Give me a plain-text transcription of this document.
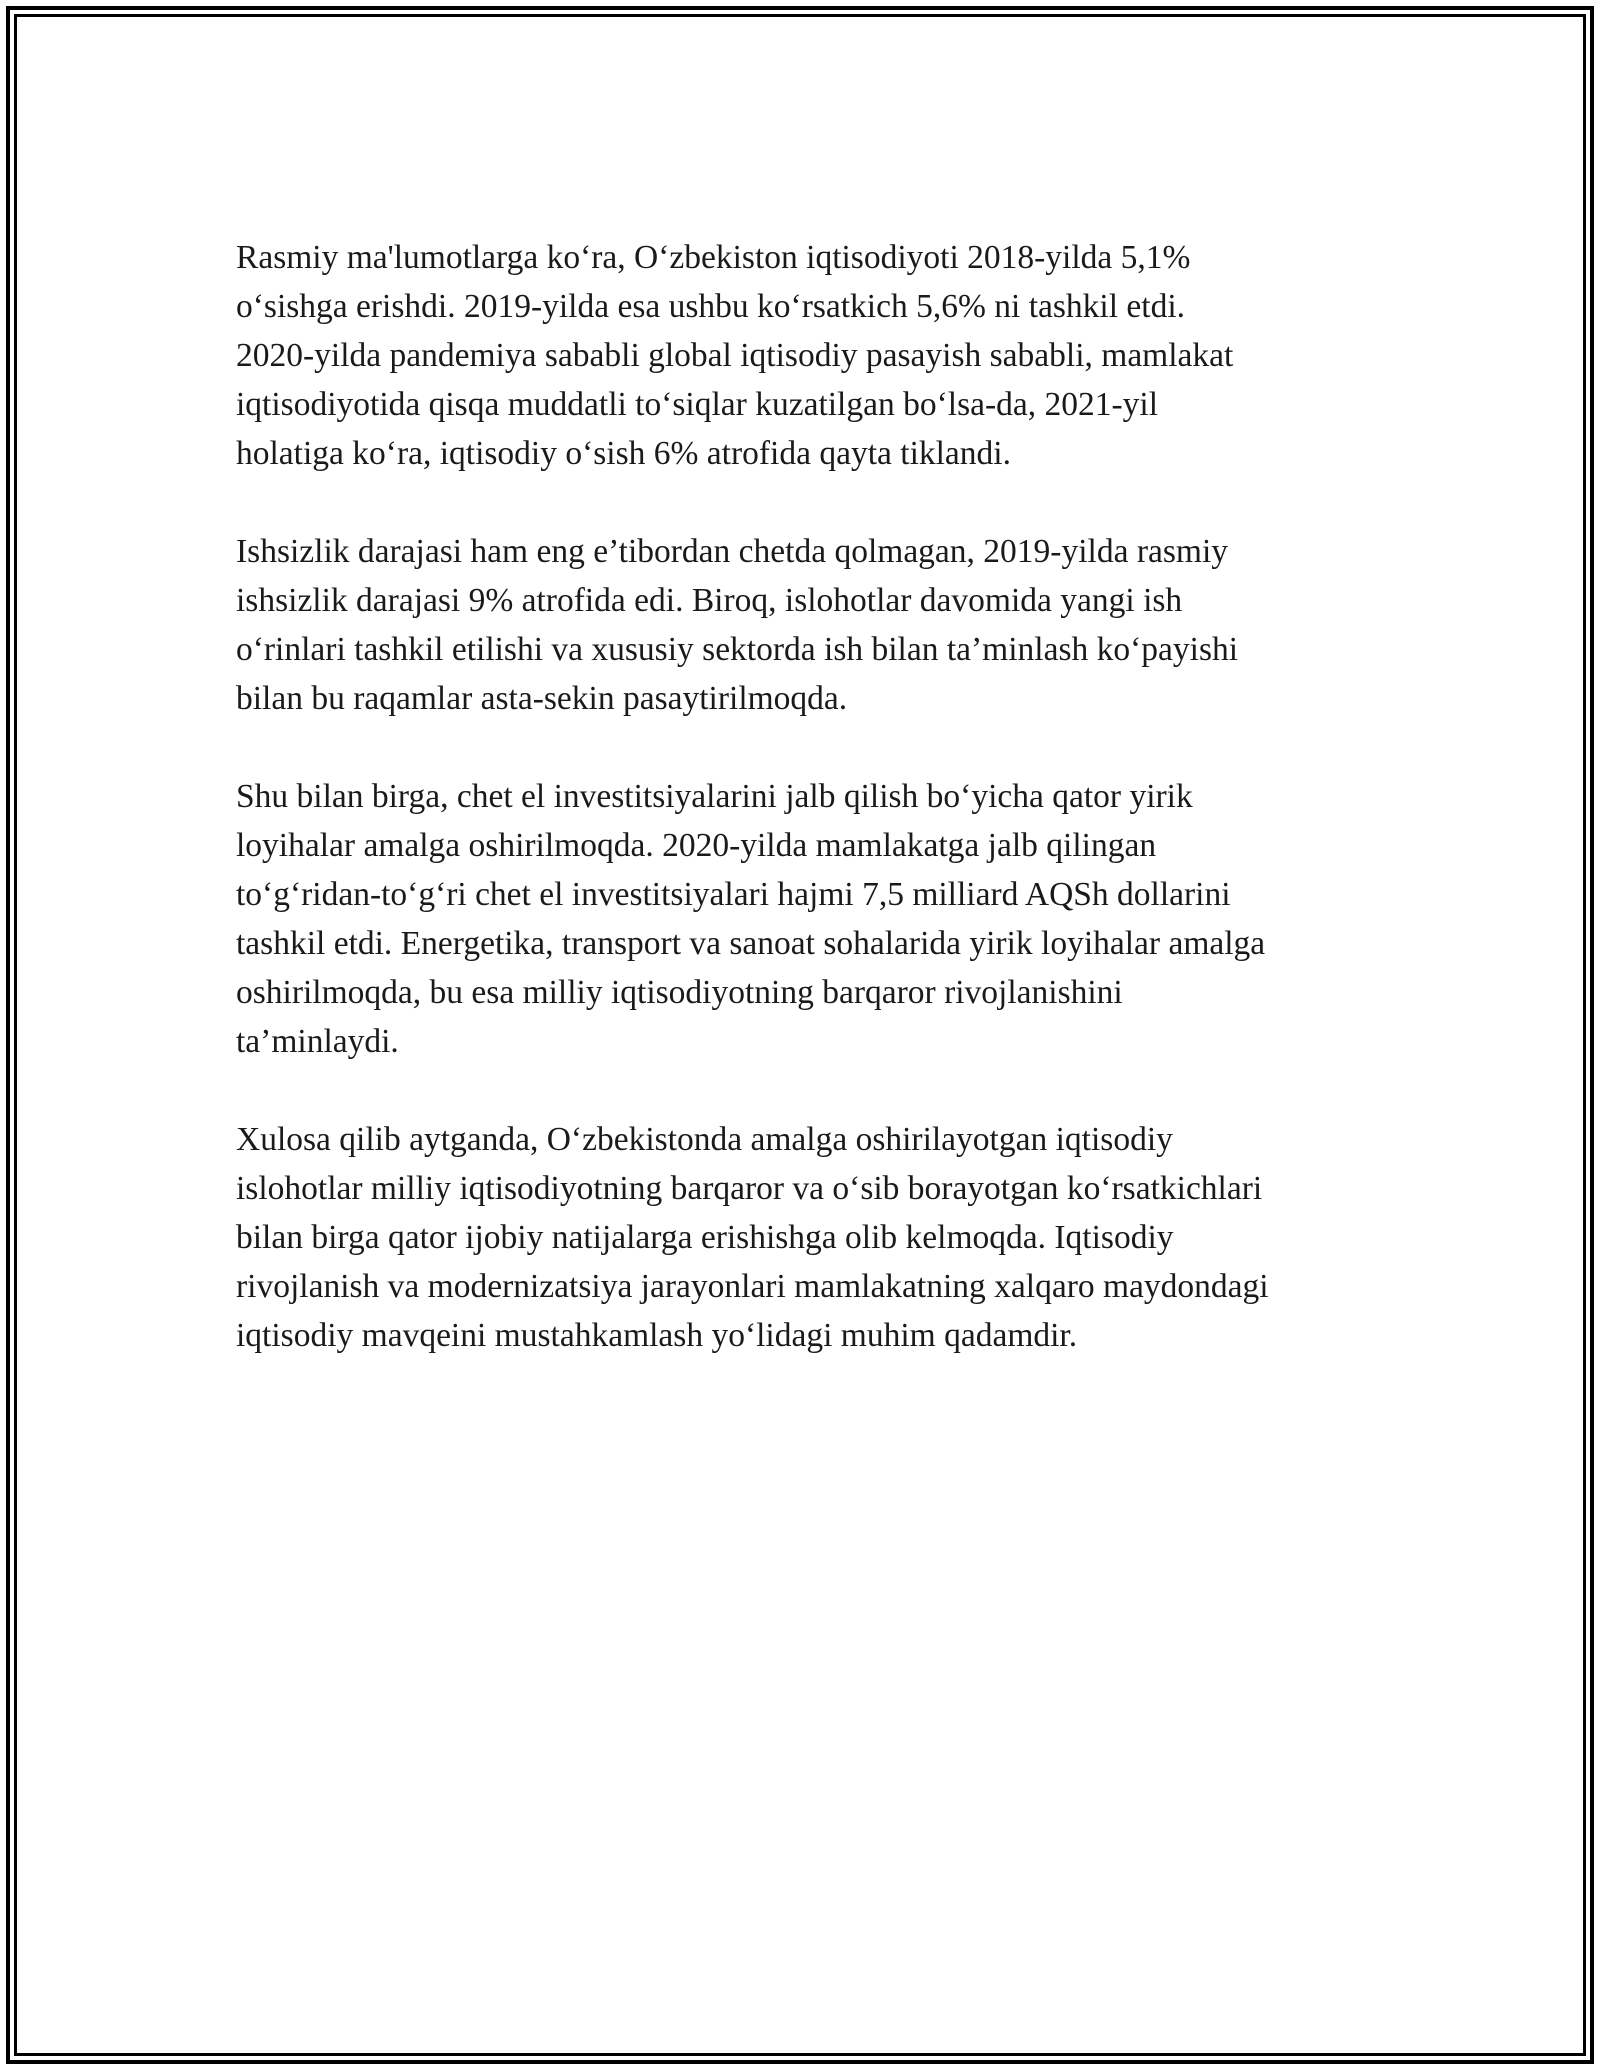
Rasmiy ma'lumotlarga ko‘ra, O‘zbekiston iqtisodiyoti 2018-yilda 5,1%
o‘sishga erishdi. 2019-yilda esa ushbu ko‘rsatkich 5,6% ni tashkil etdi.
2020-yilda pandemiya sababli global iqtisodiy pasayish sababli, mamlakat
iqtisodiyotida qisqa muddatli to‘siqlar kuzatilgan bo‘lsa-da, 2021-yil
holatiga ko‘ra, iqtisodiy o‘sish 6% atrofida qayta tiklandi.

Ishsizlik darajasi ham eng e’tibordan chetda qolmagan, 2019-yilda rasmiy
ishsizlik darajasi 9% atrofida edi. Biroq, islohotlar davomida yangi ish
o‘rinlari tashkil etilishi va xususiy sektorda ish bilan ta’minlash ko‘payishi
bilan bu raqamlar asta-sekin pasaytirilmoqda.

Shu bilan birga, chet el investitsiyalarini jalb qilish bo‘yicha qator yirik
loyihalar amalga oshirilmoqda. 2020-yilda mamlakatga jalb qilingan
to‘g‘ridan-to‘g‘ri chet el investitsiyalari hajmi 7,5 milliard AQSh dollarini
tashkil etdi. Energetika, transport va sanoat sohalarida yirik loyihalar amalga
oshirilmoqda, bu esa milliy iqtisodiyotning barqaror rivojlanishini
ta’minlaydi.

Xulosa qilib aytganda, O‘zbekistonda amalga oshirilayotgan iqtisodiy
islohotlar milliy iqtisodiyotning barqaror va o‘sib borayotgan ko‘rsatkichlari
bilan birga qator ijobiy natijalarga erishishga olib kelmoqda. Iqtisodiy
rivojlanish va modernizatsiya jarayonlari mamlakatning xalqaro maydondagi
iqtisodiy mavqeini mustahkamlash yo‘lidagi muhim qadamdir.
